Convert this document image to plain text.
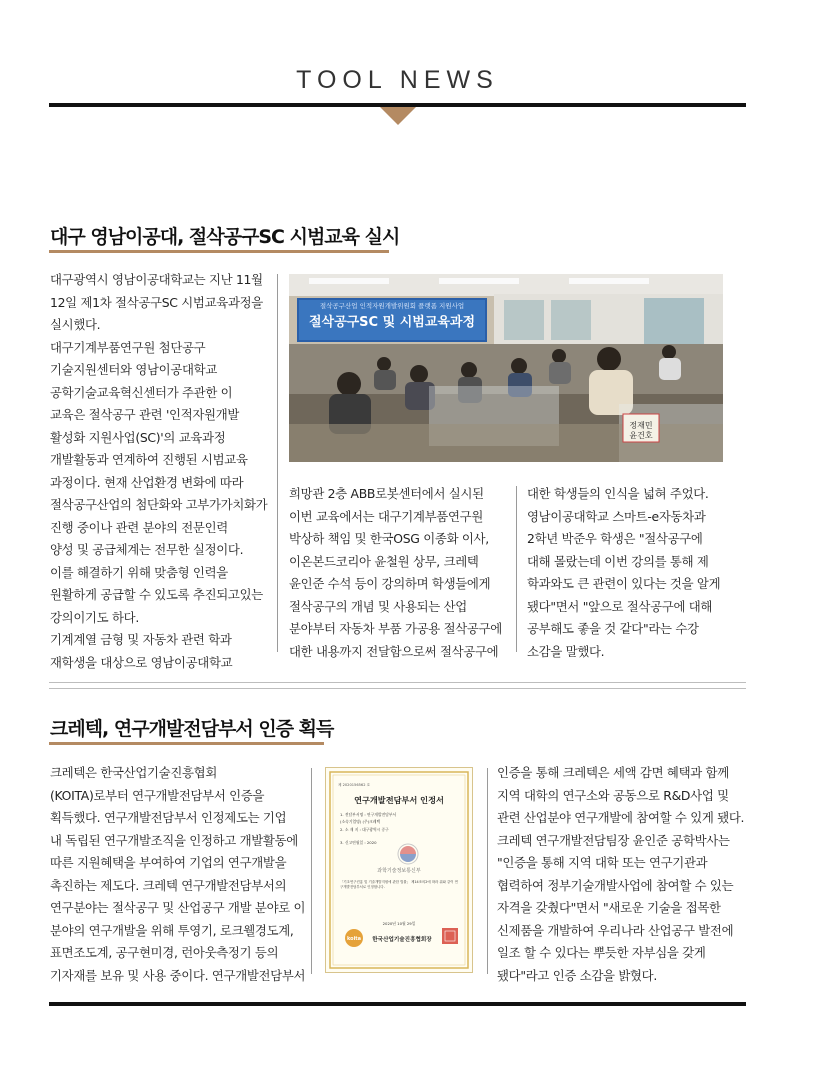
TOOL NEWS
대구 영남이공대, 절삭공구SC 시범교육 실시
대구광역시 영남이공대학교는 지난 11월
12일 제1차 절삭공구SC 시범교육과정을
실시했다.
대구기계부품연구원 첨단공구
기술지원센터와 영남이공대학교
공학기술교육혁신센터가 주관한 이
교육은 절삭공구 관련 '인적자원개발
활성화 지원사업(SC)'의 교육과정
개발활동과 연계하여 진행된 시범교육
과정이다. 현재 산업환경 변화에 따라
절삭공구산업의 첨단화와 고부가가치화가
진행 중이나 관련 분야의 전문인력
양성 및 공급체계는 전무한 실정이다.
이를 해결하기 위해 맞춤형 인력을
원활하게 공급할 수 있도록 추진되고있는
강의이기도 하다.
기계계열 금형 및 자동차 관련 학과
재학생을 대상으로 영남이공대학교
절삭공구산업 인적자원개발위원회 플랫폼 지원사업
절삭공구SC 및 시범교육과정
정재민
윤건호
희망관 2층 ABB로봇센터에서 실시된
이번 교육에서는 대구기계부품연구원
박상하 책임 및 한국OSG 이종화 이사,
이온본드코리아 윤철원 상무, 크레텍
윤인준 수석 등이 강의하며 학생들에게
절삭공구의 개념 및 사용되는 산업
분야부터 자동차 부품 가공용 절삭공구에
대한 내용까지 전달함으로써 절삭공구에
대한 학생들의 인식을 넓혀 주었다.
영남이공대학교 스마트-e자동차과
2학년 박준우 학생은 "절삭공구에
대해 몰랐는데 이번 강의를 통해 제
학과와도 큰 관련이 있다는 것을 알게
됐다"면서 "앞으로 절삭공구에 대해
공부해도 좋을 것 같다"라는 수강
소감을 말했다.
크레텍, 연구개발전담부서 인증 획득
크레텍은 한국산업기술진흥협회
(KOITA)로부터 연구개발전담부서 인증을
획득했다. 연구개발전담부서 인정제도는 기업
내 독립된 연구개발조직을 인정하고 개발활동에
따른 지원혜택을 부여하여 기업의 연구개발을
촉진하는 제도다. 크레텍 연구개발전담부서의
연구분야는 절삭공구 및 산업공구 개발 분야로 이
분야의 연구개발을 위해 투영기, 로크웰경도계,
표면조도계, 공구현미경, 런아웃측정기 등의
기자재를 보유 및 사용 중이다. 연구개발전담부서
제 2020156562 호
연구개발전담부서 인정서
1. 전담부서명 : 연구개발전담부서
(소속기업명) (주)크레텍
2. 소 재 지 : 대구광역시 중구
3. 신고연월일 : 2020
과학기술정보통신부
「기초연구진흥 및 기술개발지원에 관한 법률」 제14조의2에 따라 위와 같이 연구개발전담부서로 인정합니다.
2020년 10월 29일
koita 한국산업기술진흥협회장
인증을 통해 크레텍은 세액 감면 혜택과 함께
지역 대학의 연구소와 공동으로 R&D사업 및
관련 산업분야 연구개발에 참여할 수 있게 됐다.
크레텍 연구개발전담팀장 윤인준 공학박사는
"인증을 통해 지역 대학 또는 연구기관과
협력하여 정부기술개발사업에 참여할 수 있는
자격을 갖췄다"면서 "새로운 기술을 접목한
신제품을 개발하여 우리나라 산업공구 발전에
일조 할 수 있다는 뿌듯한 자부심을 갖게
됐다"라고 인증 소감을 밝혔다.
